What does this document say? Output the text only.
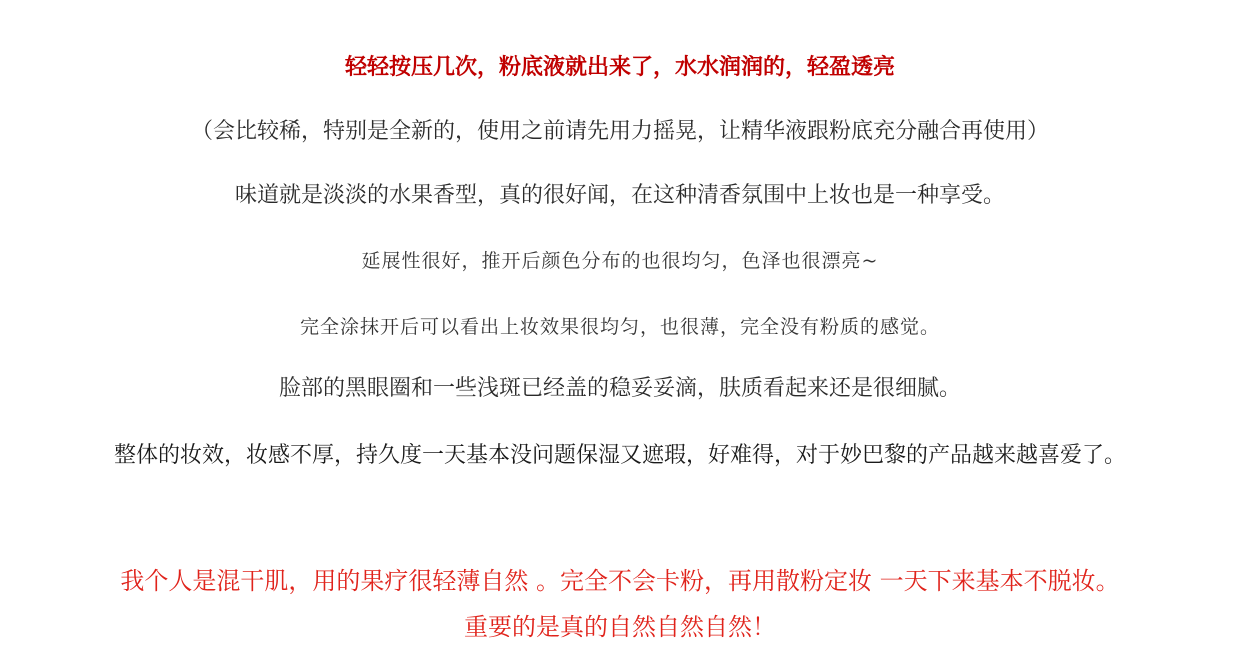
轻轻按压几次，粉底液就出来了，水水润润的，轻盈透亮
（会比较稀，特别是全新的，使用之前请先用力摇晃，让精华液跟粉底充分融合再使用）
味道就是淡淡的水果香型，真的很好闻，在这种清香氛围中上妆也是一种享受。
延展性很好，推开后颜色分布的也很均匀，色泽也很漂亮~
完全涂抹开后可以看出上妆效果很均匀，也很薄，完全没有粉质的感觉。
脸部的黑眼圈和一些浅斑已经盖的稳妥妥滴，肤质看起来还是很细腻。
整体的妆效，妆感不厚，持久度一天基本没问题保湿又遮瑕，好难得，对于妙巴黎的产品越来越喜爱了。
我个人是混干肌，用的果疗很轻薄自然 。完全不会卡粉，再用散粉定妆 一天下来基本不脱妆。
重要的是真的自然自然自然！
